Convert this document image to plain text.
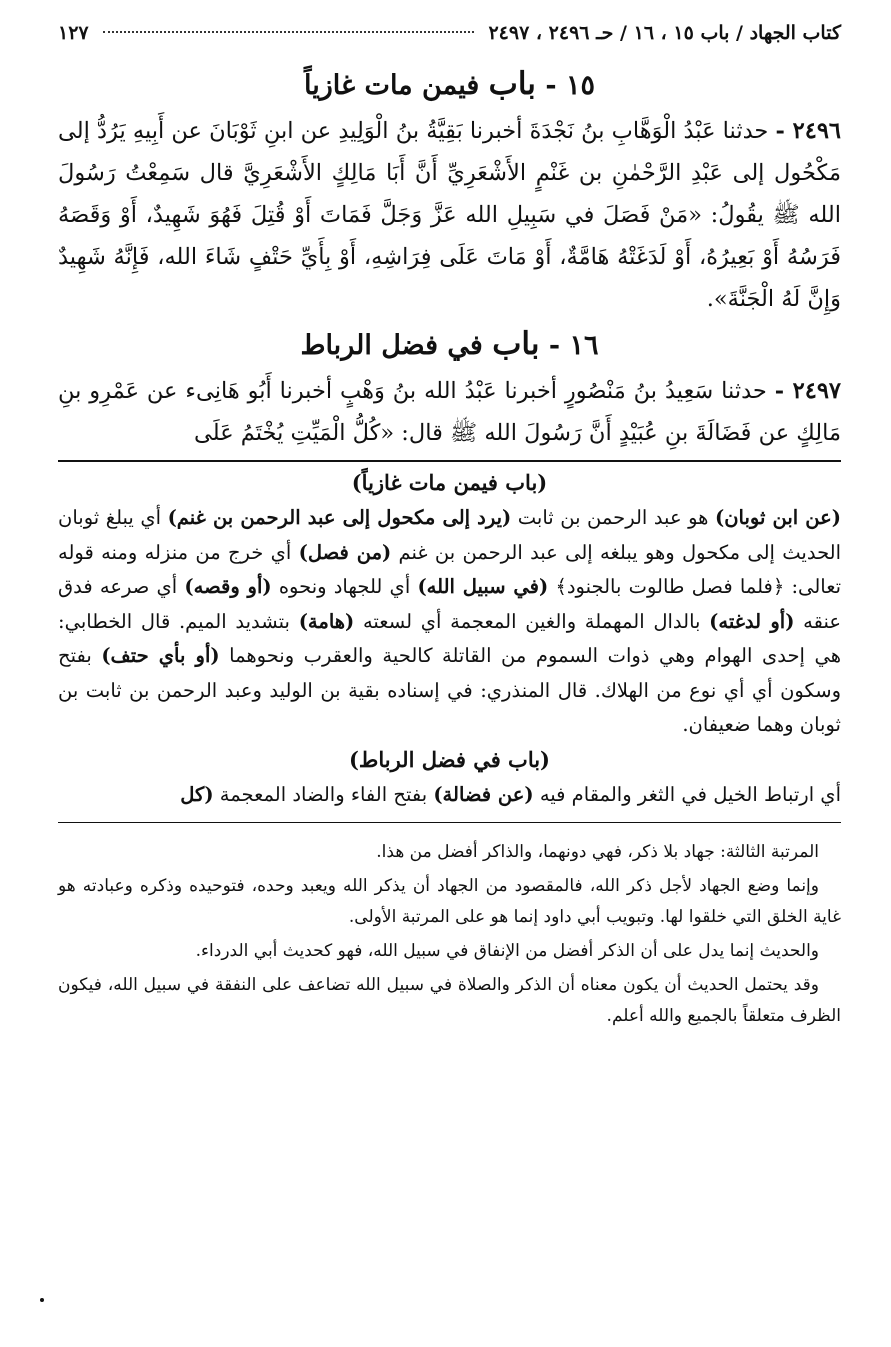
كتاب الجهاد / باب ١٥ ، ١٦ / حـ ٢٤٩٦ ، ٢٤٩٧
١٢٧
١٥ - باب فيمن مات غازياً

٢٤٩٦ - حدثنا عَبْدُ الْوَهَّابِ بنُ نَجْدَةَ أخبرنا بَقِيَّةُ بنُ الْوَلِيدِ عن ابنِ ثَوْبَانَ عن أَبِيهِ يَرُدُّ إلى مَكْحُول إلى عَبْدِ الرَّحْمٰنِ بن غَنْمٍ الأَشْعَرِيِّ أَنَّ أَبَا مَالِكٍ الأَشْعَرِيَّ قال سَمِعْتُ رَسُولَ الله ﷺ يقُولُ: «مَنْ فَصَلَ في سَبِيلِ الله عَزَّ وَجَلَّ فَمَاتَ أَوْ قُتِلَ فَهُوَ شَهِيدٌ، أَوْ وَقَصَهُ فَرَسُهُ أَوْ بَعِيرُهُ، أَوْ لَدَغَتْهُ هَامَّةٌ، أَوْ مَاتَ عَلَى فِرَاشِهِ، أَوْ بِأَيِّ حَتْفٍ شَاءَ الله، فَإِنَّهُ شَهِيدٌ وَإِنَّ لَهُ الْجَنَّةَ».

١٦ - باب في فضل الرباط

٢٤٩٧ - حدثنا سَعِيدُ بنُ مَنْصُورٍ أخبرنا عَبْدُ الله بنُ وَهْبٍ أخبرنا أَبُو هَانِىء عن عَمْرِو بنِ مَالِكٍ عن فَضَالَةَ بنِ عُبَيْدٍ أَنَّ رَسُولَ الله ﷺ قال: «كُلُّ الْمَيِّتِ يُخْتَمُ عَلَى

(باب فيمن مات غازياً)

(عن ابن ثوبان) هو عبد الرحمن بن ثابت (يرد إلى مكحول إلى عبد الرحمن بن غنم) أي يبلغ ثوبان الحديث إلى مكحول وهو يبلغه إلى عبد الرحمن بن غنم (من فصل) أي خرج من منزله ومنه قوله تعالى: ﴿فلما فصل طالوت بالجنود﴾ (في سبيل الله) أي للجهاد ونحوه (أو وقصه) أي صرعه فدق عنقه (أو لدغته) بالدال المهملة والغين المعجمة أي لسعته (هامة) بتشديد الميم. قال الخطابي: هي إحدى الهوام وهي ذوات السموم من القاتلة كالحية والعقرب ونحوهما (أو بأي حتف) بفتح وسكون أي أي نوع من الهلاك. قال المنذري: في إسناده بقية بن الوليد وعبد الرحمن بن ثابت بن ثوبان وهما ضعيفان.

(باب في فضل الرباط)

أي ارتباط الخيل في الثغر والمقام فيه (عن فضالة) بفتح الفاء والضاد المعجمة (كل

المرتبة الثالثة: جهاد بلا ذكر، فهي دونهما، والذاكر أفضل من هذا.

وإنما وضع الجهاد لأجل ذكر الله، فالمقصود من الجهاد أن يذكر الله ويعبد وحده، فتوحيده وذكره وعبادته هو غاية الخلق التي خلقوا لها. وتبويب أبي داود إنما هو على المرتبة الأولى.

والحديث إنما يدل على أن الذكر أفضل من الإنفاق في سبيل الله، فهو كحديث أبي الدرداء.

وقد يحتمل الحديث أن يكون معناه أن الذكر والصلاة في سبيل الله تضاعف على النفقة في سبيل الله، فيكون الظرف متعلقاً بالجميع والله أعلم.
